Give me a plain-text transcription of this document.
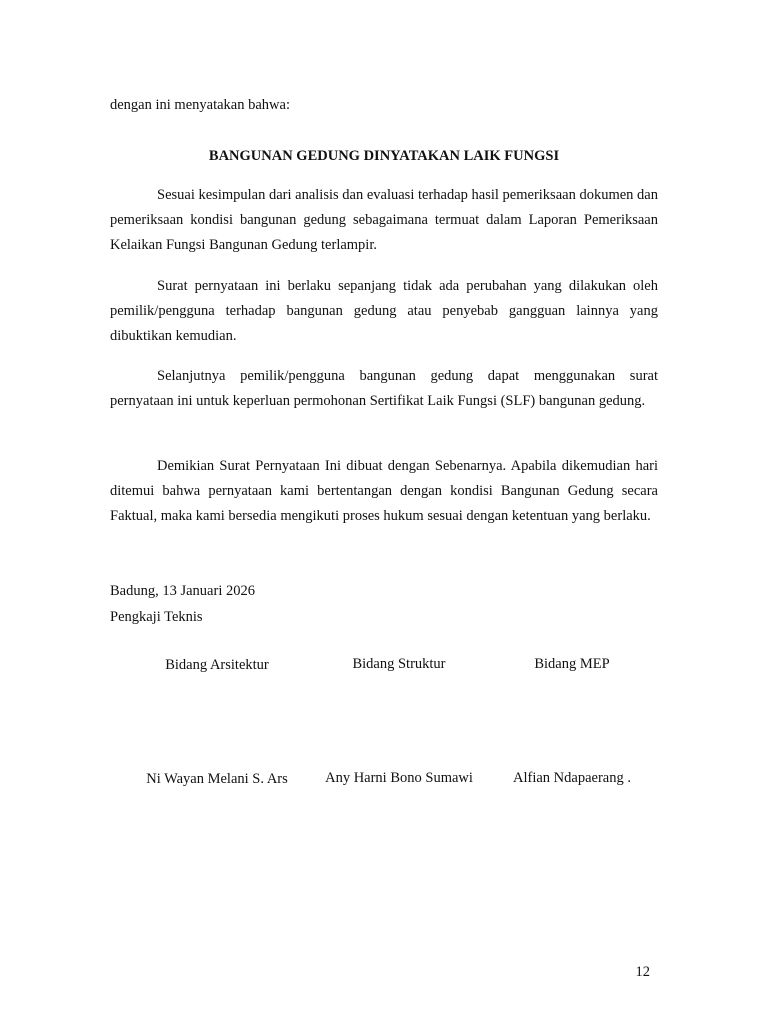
dengan ini menyatakan bahwa:

BANGUNAN GEDUNG DINYATAKAN LAIK FUNGSI

Sesuai kesimpulan dari analisis dan evaluasi terhadap hasil pemeriksaan dokumen dan pemeriksaan kondisi bangunan gedung sebagaimana termuat dalam Laporan Pemeriksaan Kelaikan Fungsi Bangunan Gedung terlampir.

Surat pernyataan ini berlaku sepanjang tidak ada perubahan yang dilakukan oleh pemilik/pengguna terhadap bangunan gedung atau penyebab gangguan lainnya yang dibuktikan kemudian.

Selanjutnya pemilik/pengguna bangunan gedung dapat menggunakan surat pernyataan ini untuk keperluan permohonan Sertifikat Laik Fungsi (SLF) bangunan gedung.

Demikian Surat Pernyataan Ini dibuat dengan Sebenarnya. Apabila dikemudian hari ditemui bahwa pernyataan kami bertentangan dengan kondisi Bangunan Gedung secara Faktual, maka kami bersedia mengikuti proses hukum sesuai dengan ketentuan yang berlaku.

Badung, 13 Januari 2026

Pengkaji Teknis

Bidang Arsitektur

Ni Wayan Melani S. Ars

Bidang Struktur

Any Harni Bono Sumawi

Bidang MEP

Alfian Ndapaerang .

12
